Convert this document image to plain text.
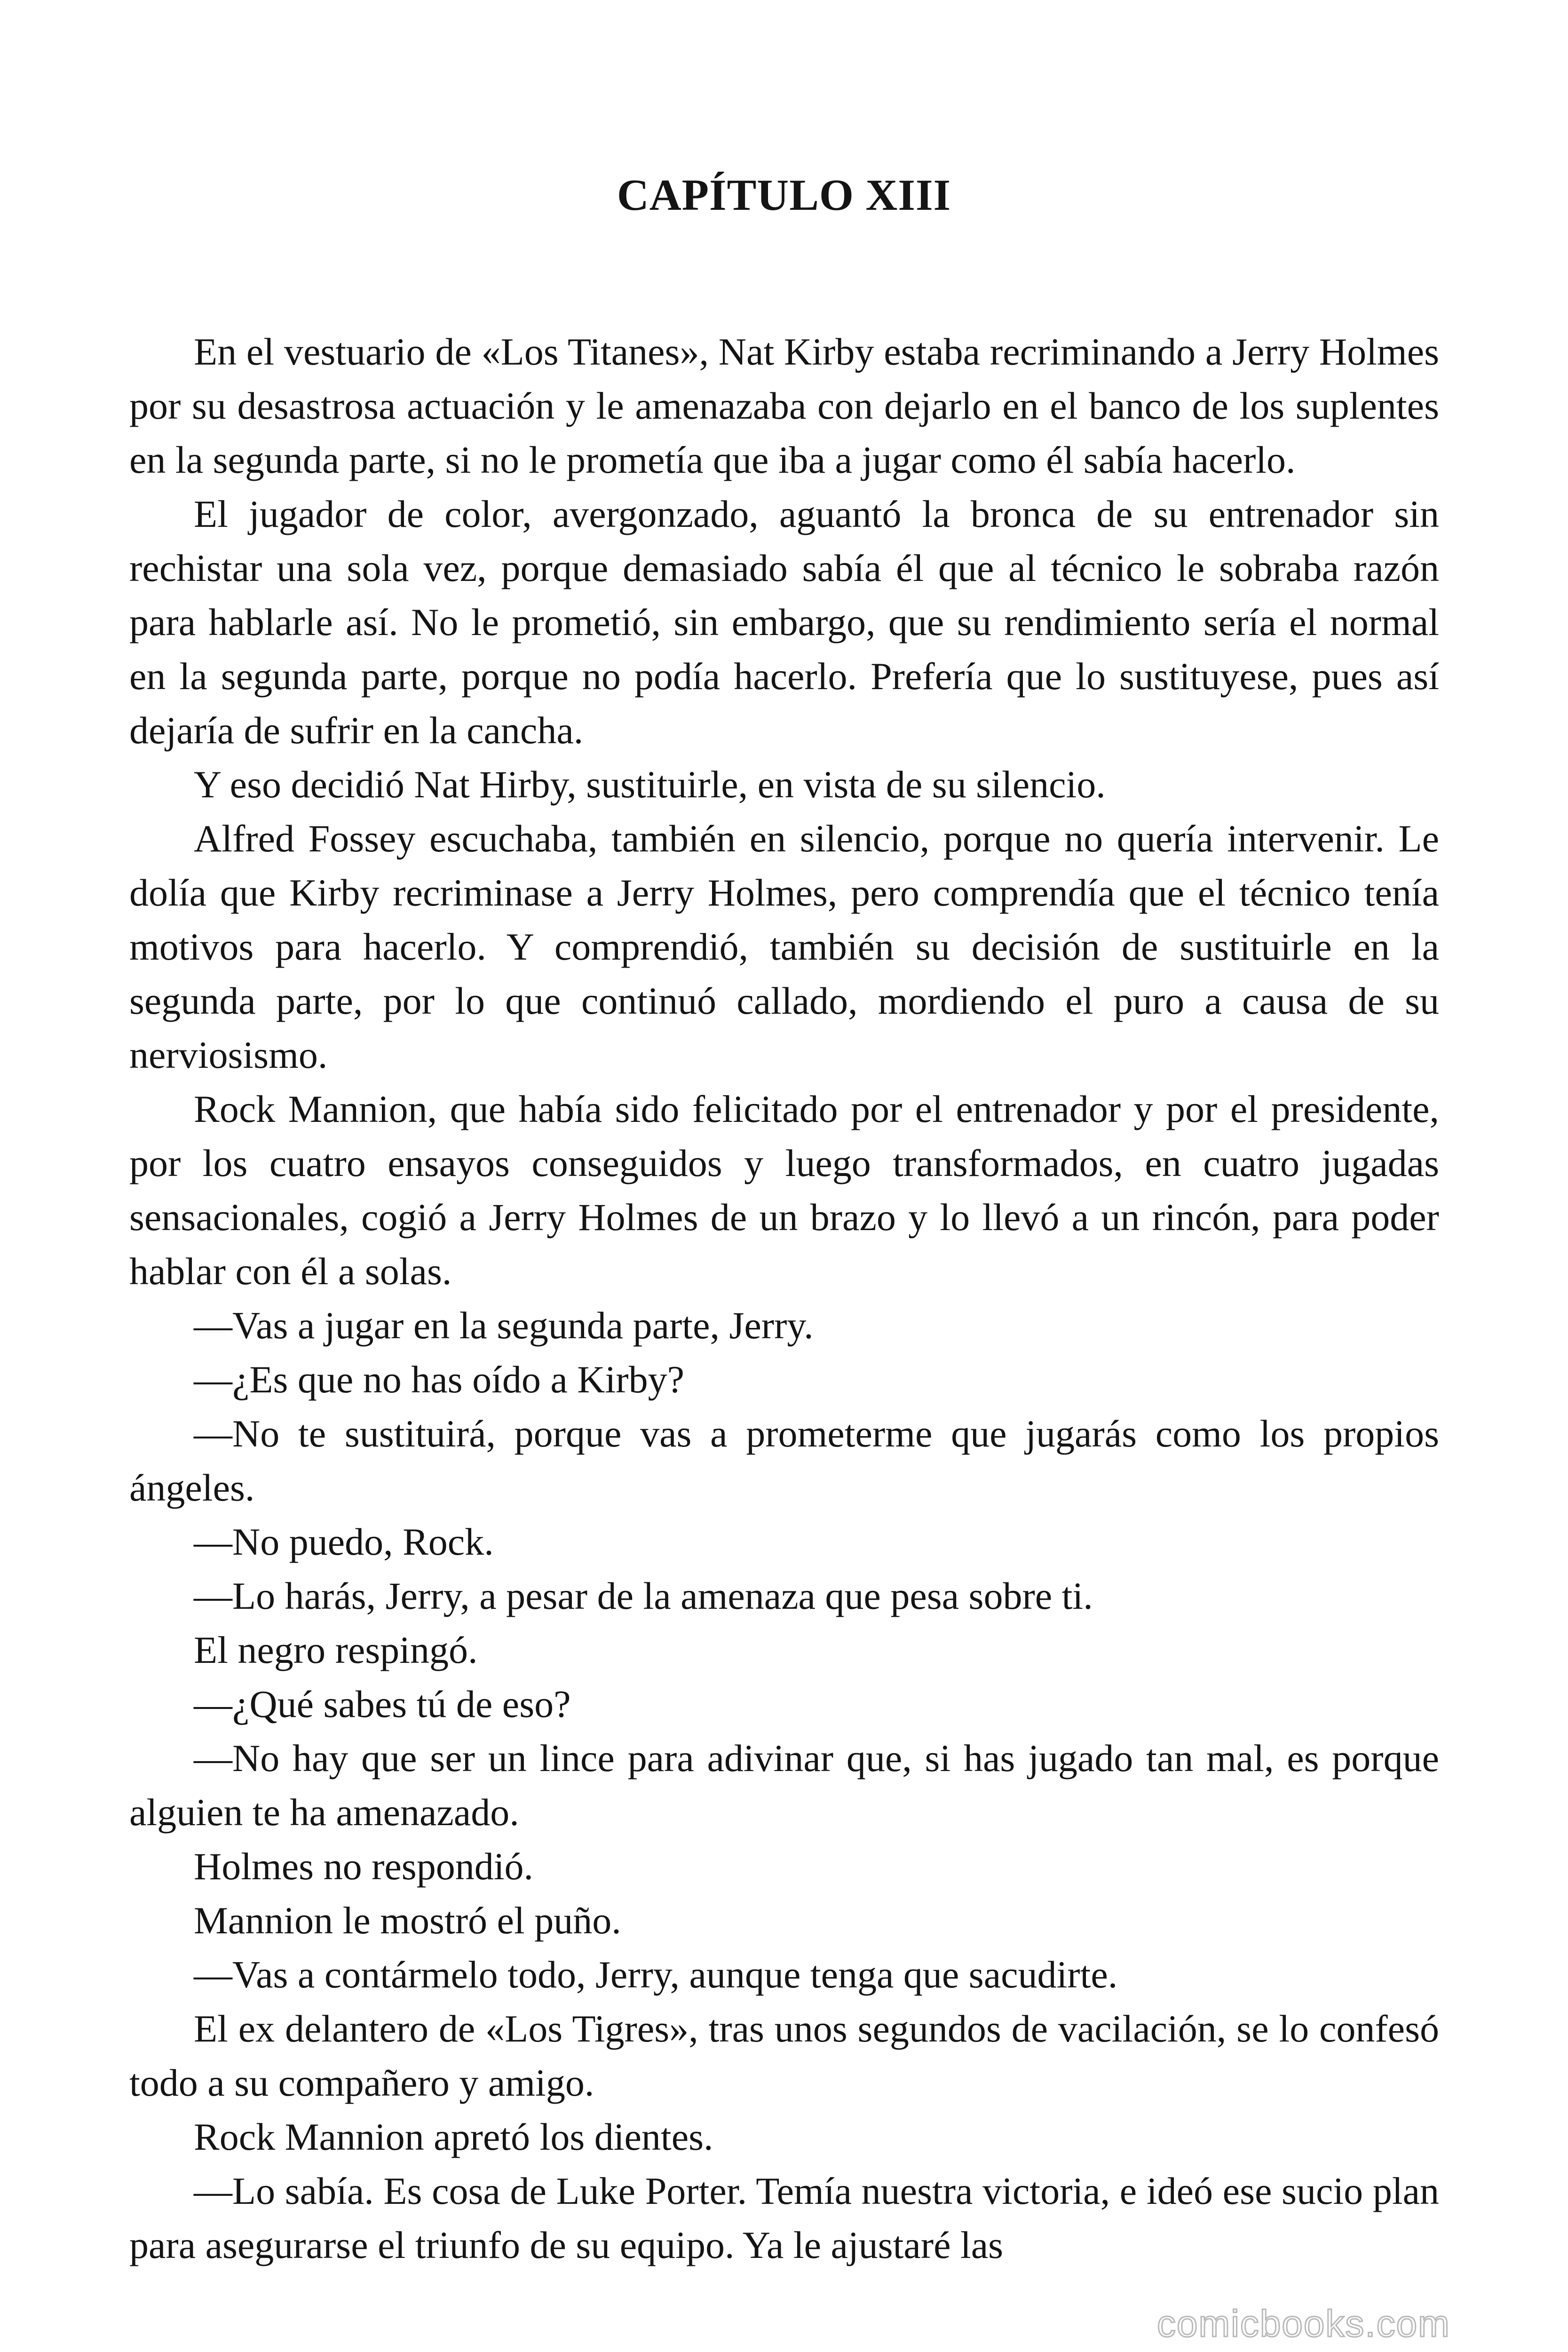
CAPÍTULO XIII

En el vestuario de «Los Titanes», Nat Kirby estaba recriminando a Jerry Holmes por su desastrosa actuación y le amenazaba con dejarlo en el banco de los suplentes en la segunda parte, si no le prometía que iba a jugar como él sabía hacerlo.

El jugador de color, avergonzado, aguantó la bronca de su entrenador sin rechistar una sola vez, porque demasiado sabía él que al técnico le sobraba razón para hablarle así. No le prometió, sin embargo, que su rendimiento sería el normal en la segunda parte, porque no podía hacerlo. Prefería que lo sustituyese, pues así dejaría de sufrir en la cancha.

Y eso decidió Nat Hirby, sustituirle, en vista de su silencio.

Alfred Fossey escuchaba, también en silencio, porque no quería intervenir. Le dolía que Kirby recriminase a Jerry Holmes, pero comprendía que el técnico tenía motivos para hacerlo. Y comprendió, también su decisión de sustituirle en la segunda parte, por lo que continuó callado, mordiendo el puro a causa de su nerviosismo.

Rock Mannion, que había sido felicitado por el entrenador y por el presidente, por los cuatro ensayos conseguidos y luego transformados, en cuatro jugadas sensacionales, cogió a Jerry Holmes de un brazo y lo llevó a un rincón, para poder hablar con él a solas.

—Vas a jugar en la segunda parte, Jerry.

—¿Es que no has oído a Kirby?

—No te sustituirá, porque vas a prometerme que jugarás como los propios ángeles.

—No puedo, Rock.

—Lo harás, Jerry, a pesar de la amenaza que pesa sobre ti.

El negro respingó.

—¿Qué sabes tú de eso?

—No hay que ser un lince para adivinar que, si has jugado tan mal, es porque alguien te ha amenazado.

Holmes no respondió.

Mannion le mostró el puño.

—Vas a contármelo todo, Jerry, aunque tenga que sacudirte.

El ex delantero de «Los Tigres», tras unos segundos de vacilación, se lo confesó todo a su compañero y amigo.

Rock Mannion apretó los dientes.

—Lo sabía. Es cosa de Luke Porter. Temía nuestra victoria, e ideó ese sucio plan para asegurarse el triunfo de su equipo. Ya le ajustaré las

comicbooks.com
